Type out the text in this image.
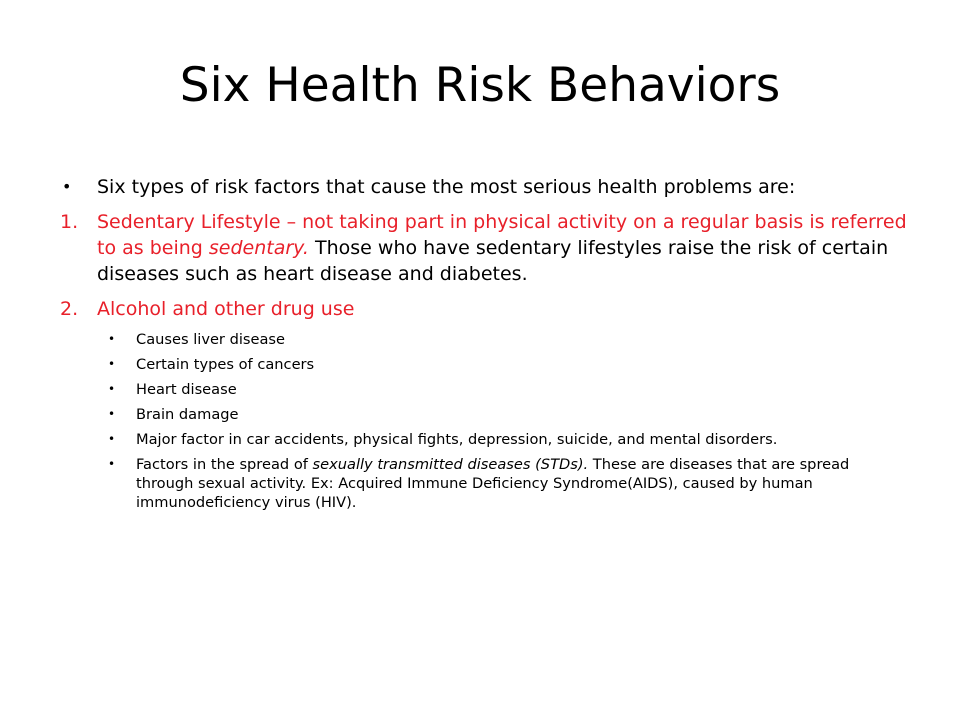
Six Health Risk Behaviors
•	Six types of risk factors that cause the most serious health problems are:
1. Sedentary Lifestyle – not taking part in physical activity on a regular basis is referred to as being sedentary. Those who have sedentary lifestyles raise the risk of certain diseases such as heart disease and diabetes.
2. Alcohol and other drug use
• Causes liver disease
• Certain types of cancers
• Heart disease
• Brain damage
• Major factor in car accidents, physical fights, depression, suicide, and mental disorders.
• Factors in the spread of sexually transmitted diseases (STDs). These are diseases that are spread through sexual activity. Ex: Acquired Immune Deficiency Syndrome(AIDS), caused by human immunodeficiency virus (HIV).
